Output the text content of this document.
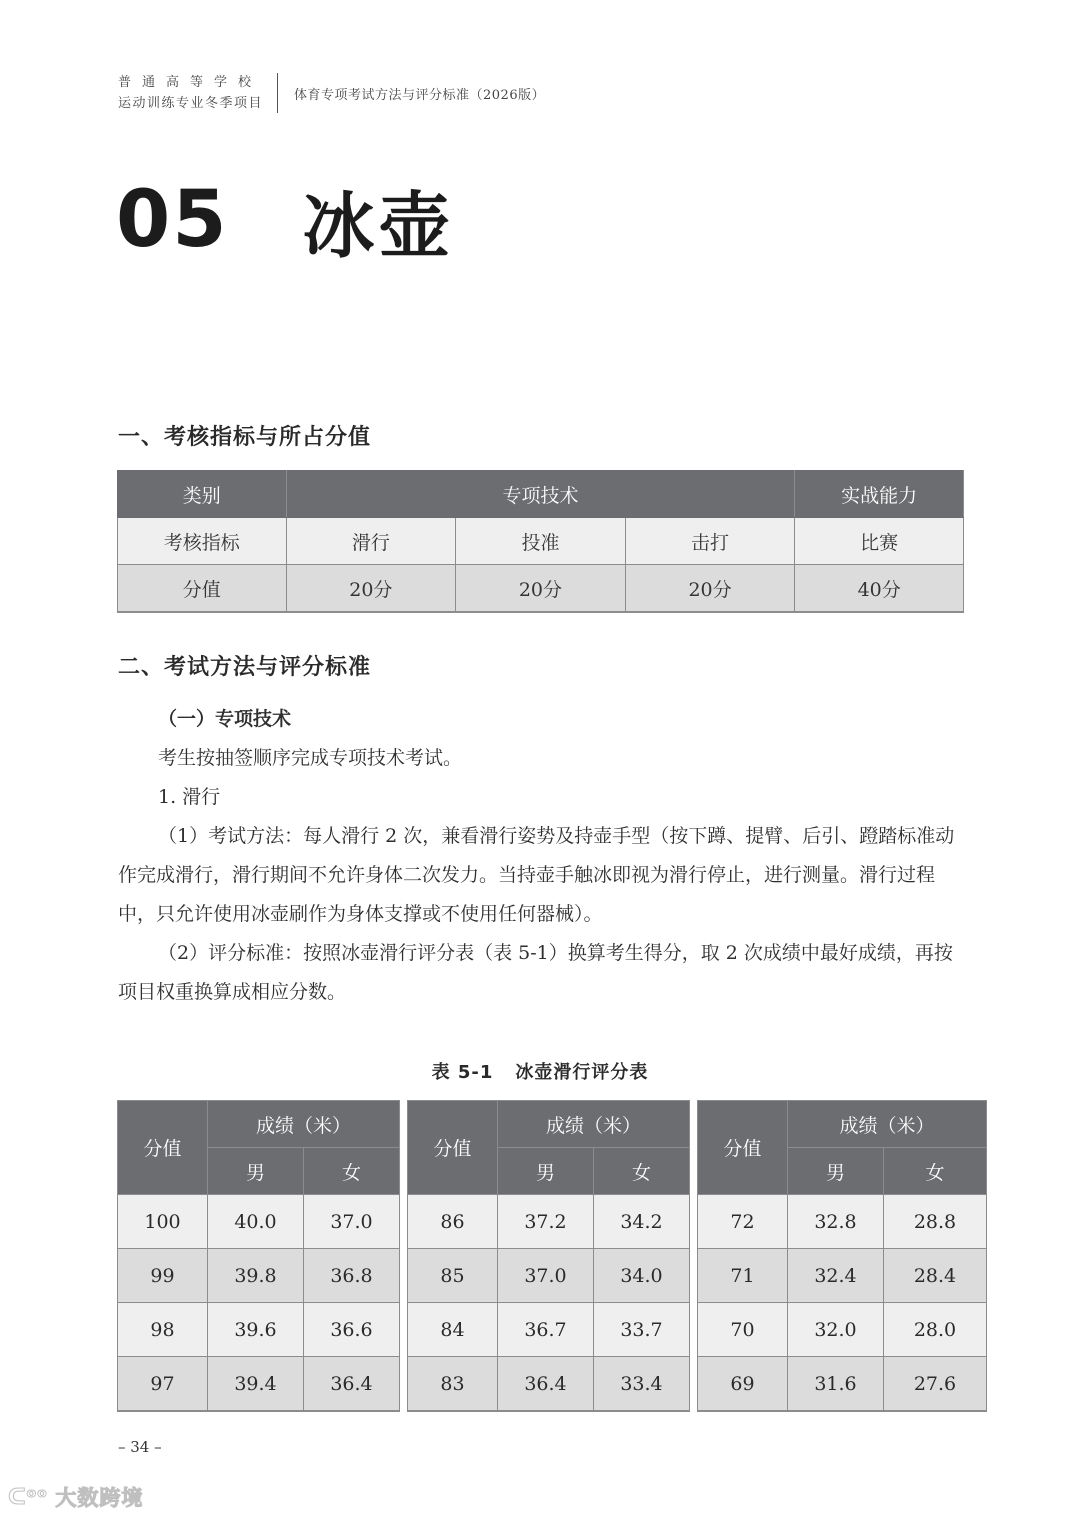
普通高等学校
运动训练专业冬季项目
体育专项考试方法与评分标准（2026版）
05 冰壶
一、考核指标与所占分值
类别	专项技术			实战能力
考核指标	滑行	投准	击打	比赛
分值	20分	20分	20分	40分
二、考试方法与评分标准

（一）专项技术

考生按抽签顺序完成专项技术考试。

1. 滑行

（1）考试方法：每人滑行 2 次，兼看滑行姿势及持壶手型（按下蹲、提臂、后引、蹬踏标准动作完成滑行，滑行期间不允许身体二次发力。当持壶手触冰即视为滑行停止，进行测量。滑行过程中，只允许使用冰壶刷作为身体支撑或不使用任何器械）。

（2）评分标准：按照冰壶滑行评分表（表 5-1）换算考生得分，取 2 次成绩中最好成绩，再按项目权重换算成相应分数。

表 5-1 冰壶滑行评分表
分值	成绩（米）	
	男	女
100	40.0	37.0
99	39.8	36.8
98	39.6	36.6
97	39.4	36.4
分值	成绩（米）	
	男	女
86	37.2	34.2
85	37.0	34.0
84	36.7	33.7
83	36.4	33.4
分值	成绩（米）	
	男	女
72	32.8	28.8
71	32.4	28.4
70	32.0	28.0
69	31.6	27.6
– 34 –
ᑕᵒᵒ 大数跨境
